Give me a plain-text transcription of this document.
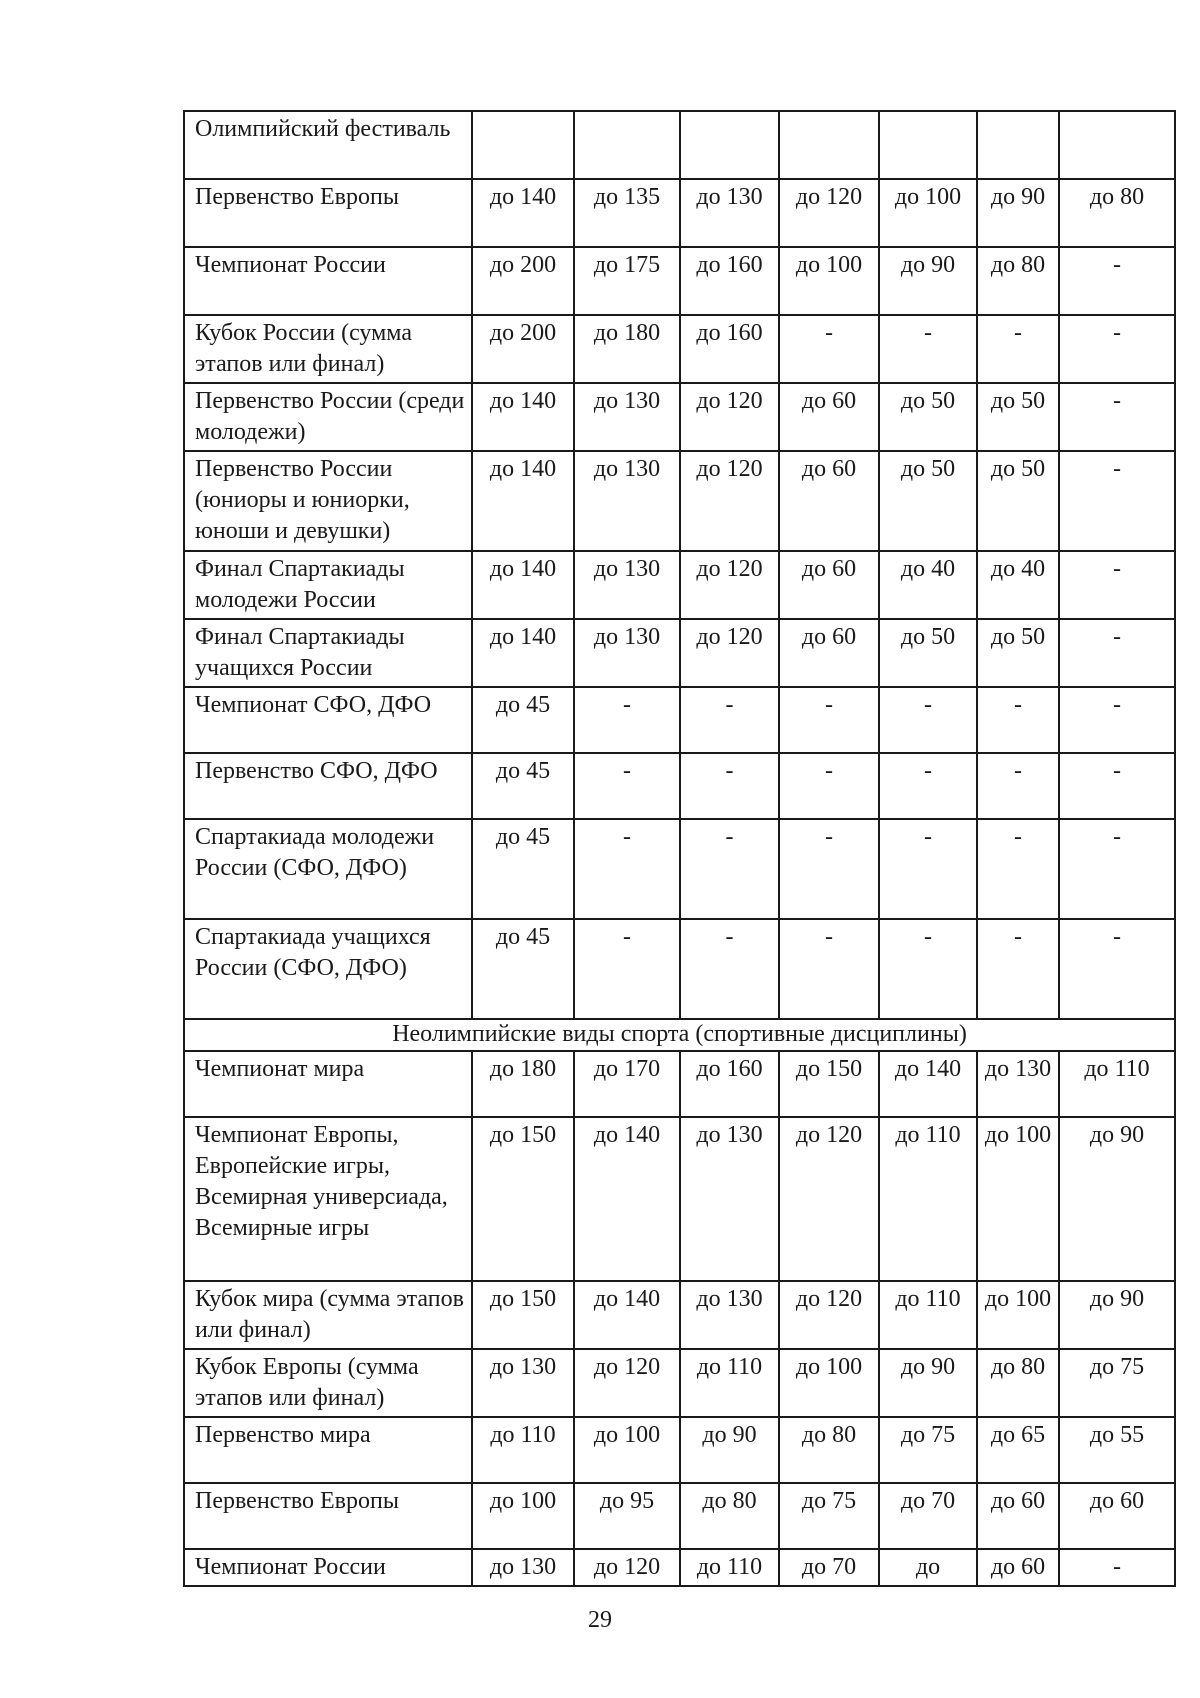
Олимпийский фестиваль							
Первенство Европы	до 140	до 135	до 130	до 120	до 100	до 90	до 80
Чемпионат России	до 200	до 175	до 160	до 100	до 90	до 80	-
Кубок России (сумма этапов или финал)	до 200	до 180	до 160	-	-	-	-
Первенство России (среди молодежи)	до 140	до 130	до 120	до 60	до 50	до 50	-
Первенство России (юниоры и юниорки, юноши и девушки)	до 140	до 130	до 120	до 60	до 50	до 50	-
Финал Спартакиады молодежи России	до 140	до 130	до 120	до 60	до 40	до 40	-
Финал Спартакиады учащихся России	до 140	до 130	до 120	до 60	до 50	до 50	-
Чемпионат СФО, ДФО	до 45	-	-	-	-	-	-
Первенство СФО, ДФО	до 45	-	-	-	-	-	-
Спартакиада молодежи России (СФО, ДФО)	до 45	-	-	-	-	-	-
Спартакиада учащихся России (СФО, ДФО)	до 45	-	-	-	-	-	-
Неолимпийские виды спорта (спортивные дисциплины)							
Чемпионат мира	до 180	до 170	до 160	до 150	до 140	до 130	до 110
Чемпионат Европы, Европейские игры, Всемирная универсиада, Всемирные игры	до 150	до 140	до 130	до 120	до 110	до 100	до 90
Кубок мира (сумма этапов или финал)	до 150	до 140	до 130	до 120	до 110	до 100	до 90
Кубок Европы (сумма этапов или финал)	до 130	до 120	до 110	до 100	до 90	до 80	до 75
Первенство мира	до 110	до 100	до 90	до 80	до 75	до 65	до 55
Первенство Европы	до 100	до 95	до 80	до 75	до 70	до 60	до 60
Чемпионат России	до 130	до 120	до 110	до 70	до	до 60	-
29
